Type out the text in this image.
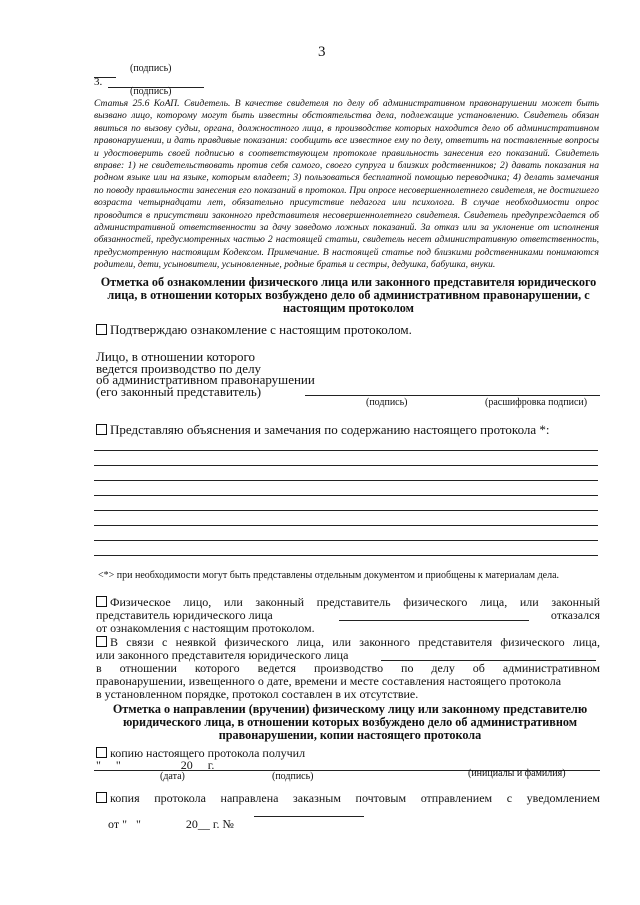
3
(подпись)
3.
(подпись)
Статья 25.6 КоАП. Свидетель. В качестве свидетеля по делу об административном правонарушении может быть вызвано лицо, которому могут быть известны обстоятельства дела, подлежащие установлению. Свидетель обязан явиться по вызову судьи, органа, должностного лица, в производстве которых находится дело об административном правонарушении, и дать правдивые показания: сообщить все известное ему по делу, ответить на поставленные вопросы и удостоверить своей подписью в соответствующем протоколе правильность занесения его показаний. Свидетель вправе: 1) не свидетельствовать против себя самого, своего супруга и близких родственников; 2) давать показания на родном языке или на языке, которым владеет; 3) пользоваться бесплатной помощью переводчика; 4) делать замечания по поводу правильности занесения его показаний в протокол. При опросе несовершеннолетнего свидетеля, не достигшего возраста четырнадцати лет, обязательно присутствие педагога или психолога. В случае необходимости опрос проводится в присутствии законного представителя несовершеннолетнего свидетеля. Свидетель предупреждается об административной ответственности за дачу заведомо ложных показаний. За отказ или за уклонение от исполнения обязанностей, предусмотренных частью 2 настоящей статьи, свидетель несет административную ответственность, предусмотренную настоящим Кодексом. Примечание. В настоящей статье под близкими родственниками понимаются родители, дети, усыновители, усыновленные, родные братья и сестры, дедушка, бабушка, внуки.
Отметка об ознакомлении физического лица или законного представителя юридического лица, в отношении которых возбуждено дело об административном правонарушении, с настоящим протоколом
Подтверждаю ознакомление с настоящим протоколом.
Лицо, в отношении которого
ведется производство по делу
об административном правонарушении
(его законный представитель)
(подпись)	(расшифровка подписи)
Представляю объяснения и замечания по содержанию настоящего протокола *:
<*> при необходимости могут быть представлены отдельным документом и приобщены к материалам дела.
Физическое лицо, или законный представитель физического лица, или законный
представитель юридического лица	отказался
от ознакомления с настоящим протоколом.
В связи с неявкой физического лица, или законного представителя физического лица,
или законного представителя юридического лица
в отношении которого ведется производство по делу об административном
правонарушении, извещенного о дате, времени и месте составления настоящего протокола
в установленном порядке, протокол составлен в их отсутствие.
Отметка о направлении (вручении) физическому лицу или законному представителю юридического лица, в отношении которых возбуждено дело об административном правонарушении, копии настоящего протокола
копию настоящего протокола получил
"     "                    20     г.
(дата)	(подпись)	(инициалы и фамилия)
копия протокола направлена заказным почтовым отправлением с уведомлением

от "   "               20__ г. №
